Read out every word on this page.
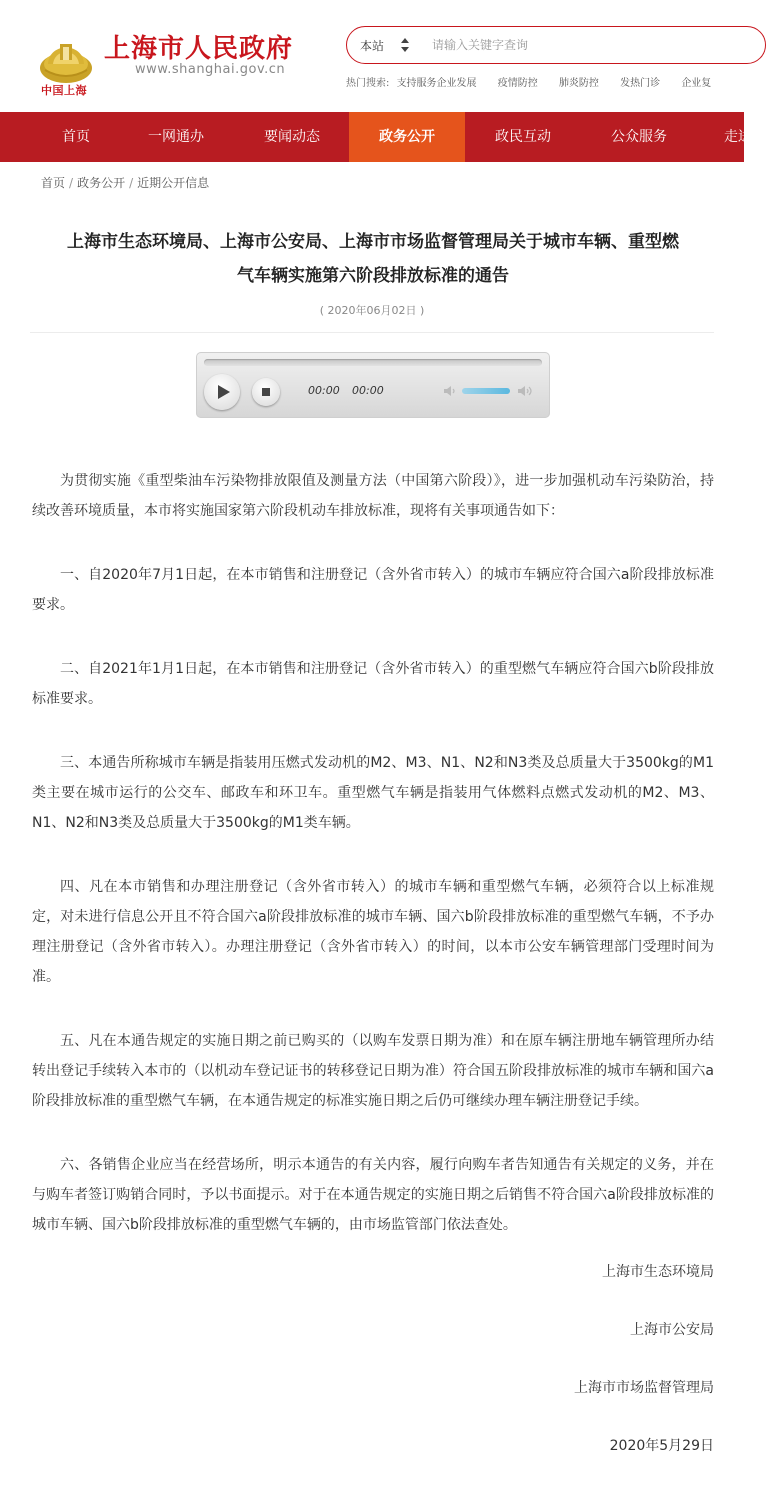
中国上海
上海市人民政府
www.shanghai.gov.cn
本站
请输入关键字查询
热门搜索: 支持服务企业发展 疫情防控 肺炎防控 发热门诊 企业复
首页	一网通办	要闻动态	政务公开	政民互动	公众服务	走进
首页 / 政务公开 / 近期公开信息
上海市生态环境局、上海市公安局、上海市市场监督管理局关于城市车辆、重型燃
气车辆实施第六阶段排放标准的通告
( 2020年06月02日 )
00:00 00:00

为贯彻实施《重型柴油车污染物排放限值及测量方法（中国第六阶段）》，进一步加强机动车污染防治，持续改善环境质量，本市将实施国家第六阶段机动车排放标准，现将有关事项通告如下：

一、自2020年7月1日起，在本市销售和注册登记（含外省市转入）的城市车辆应符合国六a阶段排放标准要求。

二、自2021年1月1日起，在本市销售和注册登记（含外省市转入）的重型燃气车辆应符合国六b阶段排放标准要求。

三、本通告所称城市车辆是指装用压燃式发动机的M2、M3、N1、N2和N3类及总质量大于3500kg的M1类主要在城市运行的公交车、邮政车和环卫车。重型燃气车辆是指装用气体燃料点燃式发动机的M2、M3、N1、N2和N3类及总质量大于3500kg的M1类车辆。

四、凡在本市销售和办理注册登记（含外省市转入）的城市车辆和重型燃气车辆，必须符合以上标准规定，对未进行信息公开且不符合国六a阶段排放标准的城市车辆、国六b阶段排放标准的重型燃气车辆，不予办理注册登记（含外省市转入）。办理注册登记（含外省市转入）的时间，以本市公安车辆管理部门受理时间为准。

五、凡在本通告规定的实施日期之前已购买的（以购车发票日期为准）和在原车辆注册地车辆管理所办结转出登记手续转入本市的（以机动车登记证书的转移登记日期为准）符合国五阶段排放标准的城市车辆和国六a阶段排放标准的重型燃气车辆，在本通告规定的标准实施日期之后仍可继续办理车辆注册登记手续。

六、各销售企业应当在经营场所，明示本通告的有关内容，履行向购车者告知通告有关规定的义务，并在与购车者签订购销合同时，予以书面提示。对于在本通告规定的实施日期之后销售不符合国六a阶段排放标准的城市车辆、国六b阶段排放标准的重型燃气车辆的，由市场监管部门依法查处。

上海市生态环境局
上海市公安局
上海市市场监督管理局
2020年5月29日
